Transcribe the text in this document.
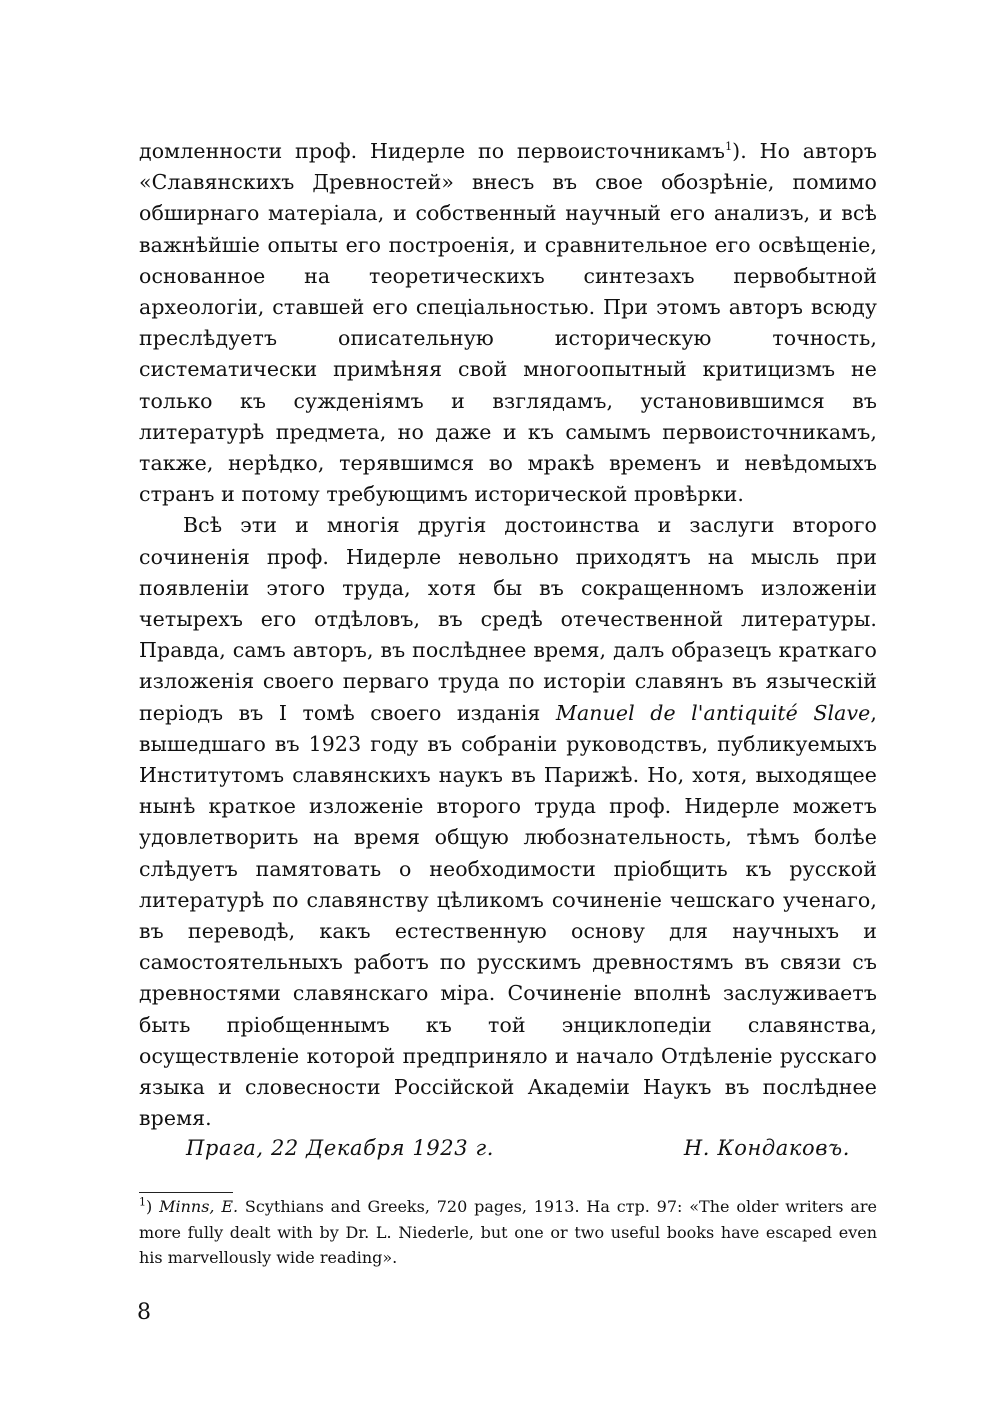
домленности проф. Нидерле по первоисточникамъ$^1$). Но авторъ «Славянскихъ Древностей» внесъ въ свое обозрѣніе, помимо обширнаго матеріала, и собственный научный его анализъ, и всѣ важнѣйшіе опыты его построенія, и сравнительное его освѣщеніе, основанное на теоретическихъ синтезахъ первобытной археологіи, ставшей его спеціальностью. При этомъ авторъ всюду преслѣдуетъ описательную историческую точность, систематически примѣняя свой многоопытный критицизмъ не только къ сужденіямъ и взглядамъ, установившимся въ литературѣ предмета, но даже и къ самымъ первоисточникамъ, также, нерѣдко, терявшимся во мракѣ временъ и невѣдомыхъ странъ и потому требующимъ исторической провѣрки.

Всѣ эти и многія другія достоинства и заслуги второго сочиненія проф. Нидерле невольно приходятъ на мысль при появленіи этого труда, хотя бы въ сокращенномъ изложеніи четырехъ его отдѣловъ, въ средѣ отечественной литературы. Правда, самъ авторъ, въ послѣднее время, далъ образецъ краткаго изложенія своего перваго труда по исторіи славянъ въ языческій періодъ въ I томѣ своего изданія Manuel de l'antiquité Slave, вышедшаго въ 1923 году въ собраніи руководствъ, публикуемыхъ Институтомъ славянскихъ наукъ въ Парижѣ. Но, хотя, выходящее нынѣ краткое изложеніе второго труда проф. Нидерле можетъ удовлетворить на время общую любознательность, тѣмъ болѣе слѣдуетъ памятовать о необходимости пріобщить къ русской литературѣ по славянству цѣликомъ сочиненіе чешскаго ученаго, въ переводѣ, какъ естественную основу для научныхъ и самостоятельныхъ работъ по русскимъ древностямъ въ связи съ древностями славянскаго міра. Сочиненіе вполнѣ заслуживаетъ быть пріобщеннымъ къ той энциклопедіи славянства, осуществленіе которой предприняло и начало Отдѣленіе русскаго языка и словесности Россійской Академіи Наукъ въ послѣднее время.

Прага, 22 Декабря 1923 г.	Н. Кондаковъ.
$^1$) Minns, E. Scythians and Greeks, 720 pages, 1913. На стр. 97: «The older writers are more fully dealt with by Dr. L. Niederle, but one or two useful books have escaped even his marvellously wide reading».
8
